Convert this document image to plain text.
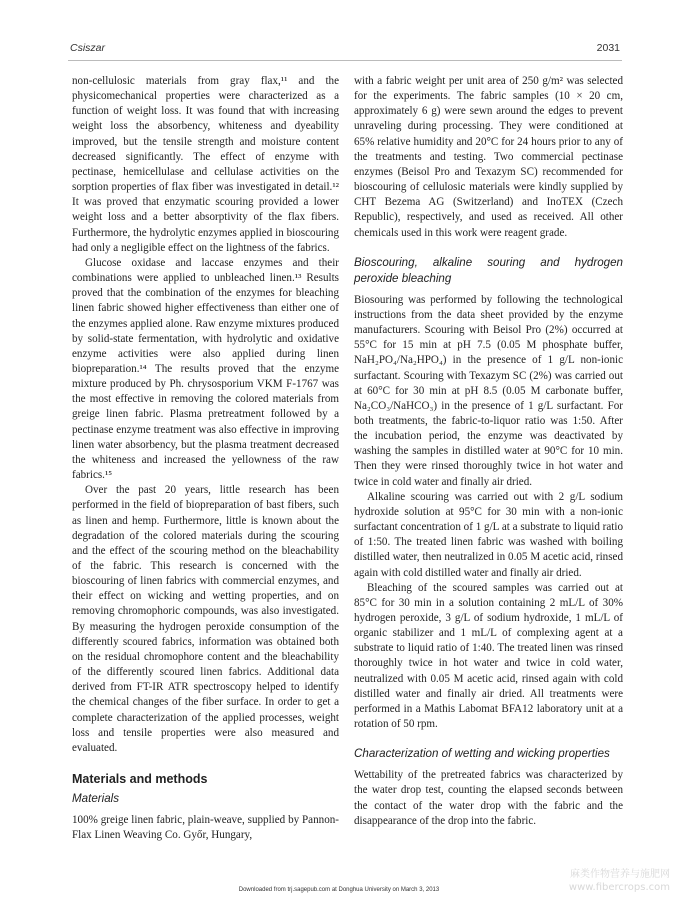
Csiszar	2031

non-cellulosic materials from gray flax,¹¹ and the physicomechanical properties were characterized as a function of weight loss. It was found that with increasing weight loss the absorbency, whiteness and dyeability improved, but the tensile strength and moisture content decreased significantly. The effect of enzyme with pectinase, hemicellulase and cellulase activities on the sorption properties of flax fiber was investigated in detail.¹² It was proved that enzymatic scouring provided a lower weight loss and a better absorptivity of the flax fibers. Furthermore, the hydrolytic enzymes applied in bioscouring had only a negligible effect on the lightness of the fabrics.

Glucose oxidase and laccase enzymes and their combinations were applied to unbleached linen.¹³ Results proved that the combination of the enzymes for bleaching linen fabric showed higher effectiveness than either one of the enzymes applied alone. Raw enzyme mixtures produced by solid-state fermentation, with hydrolytic and oxidative enzyme activities were also applied during linen biopreparation.¹⁴ The results proved that the enzyme mixture produced by Ph. chrysosporium VKM F-1767 was the most effective in removing the colored materials from greige linen fabric. Plasma pretreatment followed by a pectinase enzyme treatment was also effective in improving linen water absorbency, but the plasma treatment decreased the whiteness and increased the yellowness of the raw fabrics.¹⁵

Over the past 20 years, little research has been performed in the field of biopreparation of bast fibers, such as linen and hemp. Furthermore, little is known about the degradation of the colored materials during the scouring and the effect of the scouring method on the bleachability of the fabric. This research is concerned with the bioscouring of linen fabrics with commercial enzymes, and their effect on wicking and wetting properties, and on removing chromophoric compounds, was also investigated. By measuring the hydrogen peroxide consumption of the differently scoured fabrics, information was obtained both on the residual chromophore content and the bleachability of the differently scoured linen fabrics. Additional data derived from FT-IR ATR spectroscopy helped to identify the chemical changes of the fiber surface. In order to get a complete characterization of the applied processes, weight loss and tensile properties were also measured and evaluated.

Materials and methods
Materials

100% greige linen fabric, plain-weave, supplied by Pannon-Flax Linen Weaving Co. Győr, Hungary,

with a fabric weight per unit area of 250 g/m² was selected for the experiments. The fabric samples (10 × 20 cm, approximately 6 g) were sewn around the edges to prevent unraveling during processing. They were conditioned at 65% relative humidity and 20°C for 24 hours prior to any of the treatments and testing. Two commercial pectinase enzymes (Beisol Pro and Texazym SC) recommended for bioscouring of cellulosic materials were kindly supplied by CHT Bezema AG (Switzerland) and InoTEX (Czech Republic), respectively, and used as received. All other chemicals used in this work were reagent grade.

Bioscouring, alkaline souring and hydrogen peroxide bleaching

Biosouring was performed by following the technological instructions from the data sheet provided by the enzyme manufacturers. Scouring with Beisol Pro (2%) occurred at 55°C for 15 min at pH 7.5 (0.05 M phosphate buffer, NaH₂PO₄/Na₂HPO₄) in the presence of 1 g/L non-ionic surfactant. Scouring with Texazym SC (2%) was carried out at 60°C for 30 min at pH 8.5 (0.05 M carbonate buffer, Na₂CO₃/NaHCO₃) in the presence of 1 g/L surfactant. For both treatments, the fabric-to-liquor ratio was 1:50. After the incubation period, the enzyme was deactivated by washing the samples in distilled water at 90°C for 10 min. Then they were rinsed thoroughly twice in hot water and twice in cold water and finally air dried.

Alkaline scouring was carried out with 2 g/L sodium hydroxide solution at 95°C for 30 min with a non-ionic surfactant concentration of 1 g/L at a substrate to liquid ratio of 1:50. The treated linen fabric was washed with boiling distilled water, then neutralized in 0.05 M acetic acid, rinsed again with cold distilled water and finally air dried.

Bleaching of the scoured samples was carried out at 85°C for 30 min in a solution containing 2 mL/L of 30% hydrogen peroxide, 3 g/L of sodium hydroxide, 1 mL/L of organic stabilizer and 1 mL/L of complexing agent at a substrate to liquid ratio of 1:40. The treated linen was rinsed thoroughly twice in hot water and twice in cold water, neutralized with 0.05 M acetic acid, rinsed again with cold distilled water and finally air dried. All treatments were performed in a Mathis Labomat BFA12 laboratory unit at a rotation of 50 rpm.

Characterization of wetting and wicking properties

Wettability of the pretreated fabrics was characterized by the water drop test, counting the elapsed seconds between the contact of the water drop with the fabric and the disappearance of the drop into the fabric.

麻类作物营养与施肥网
www.fibercrops.com
Downloaded from trj.sagepub.com at Donghua University on March 3, 2013
